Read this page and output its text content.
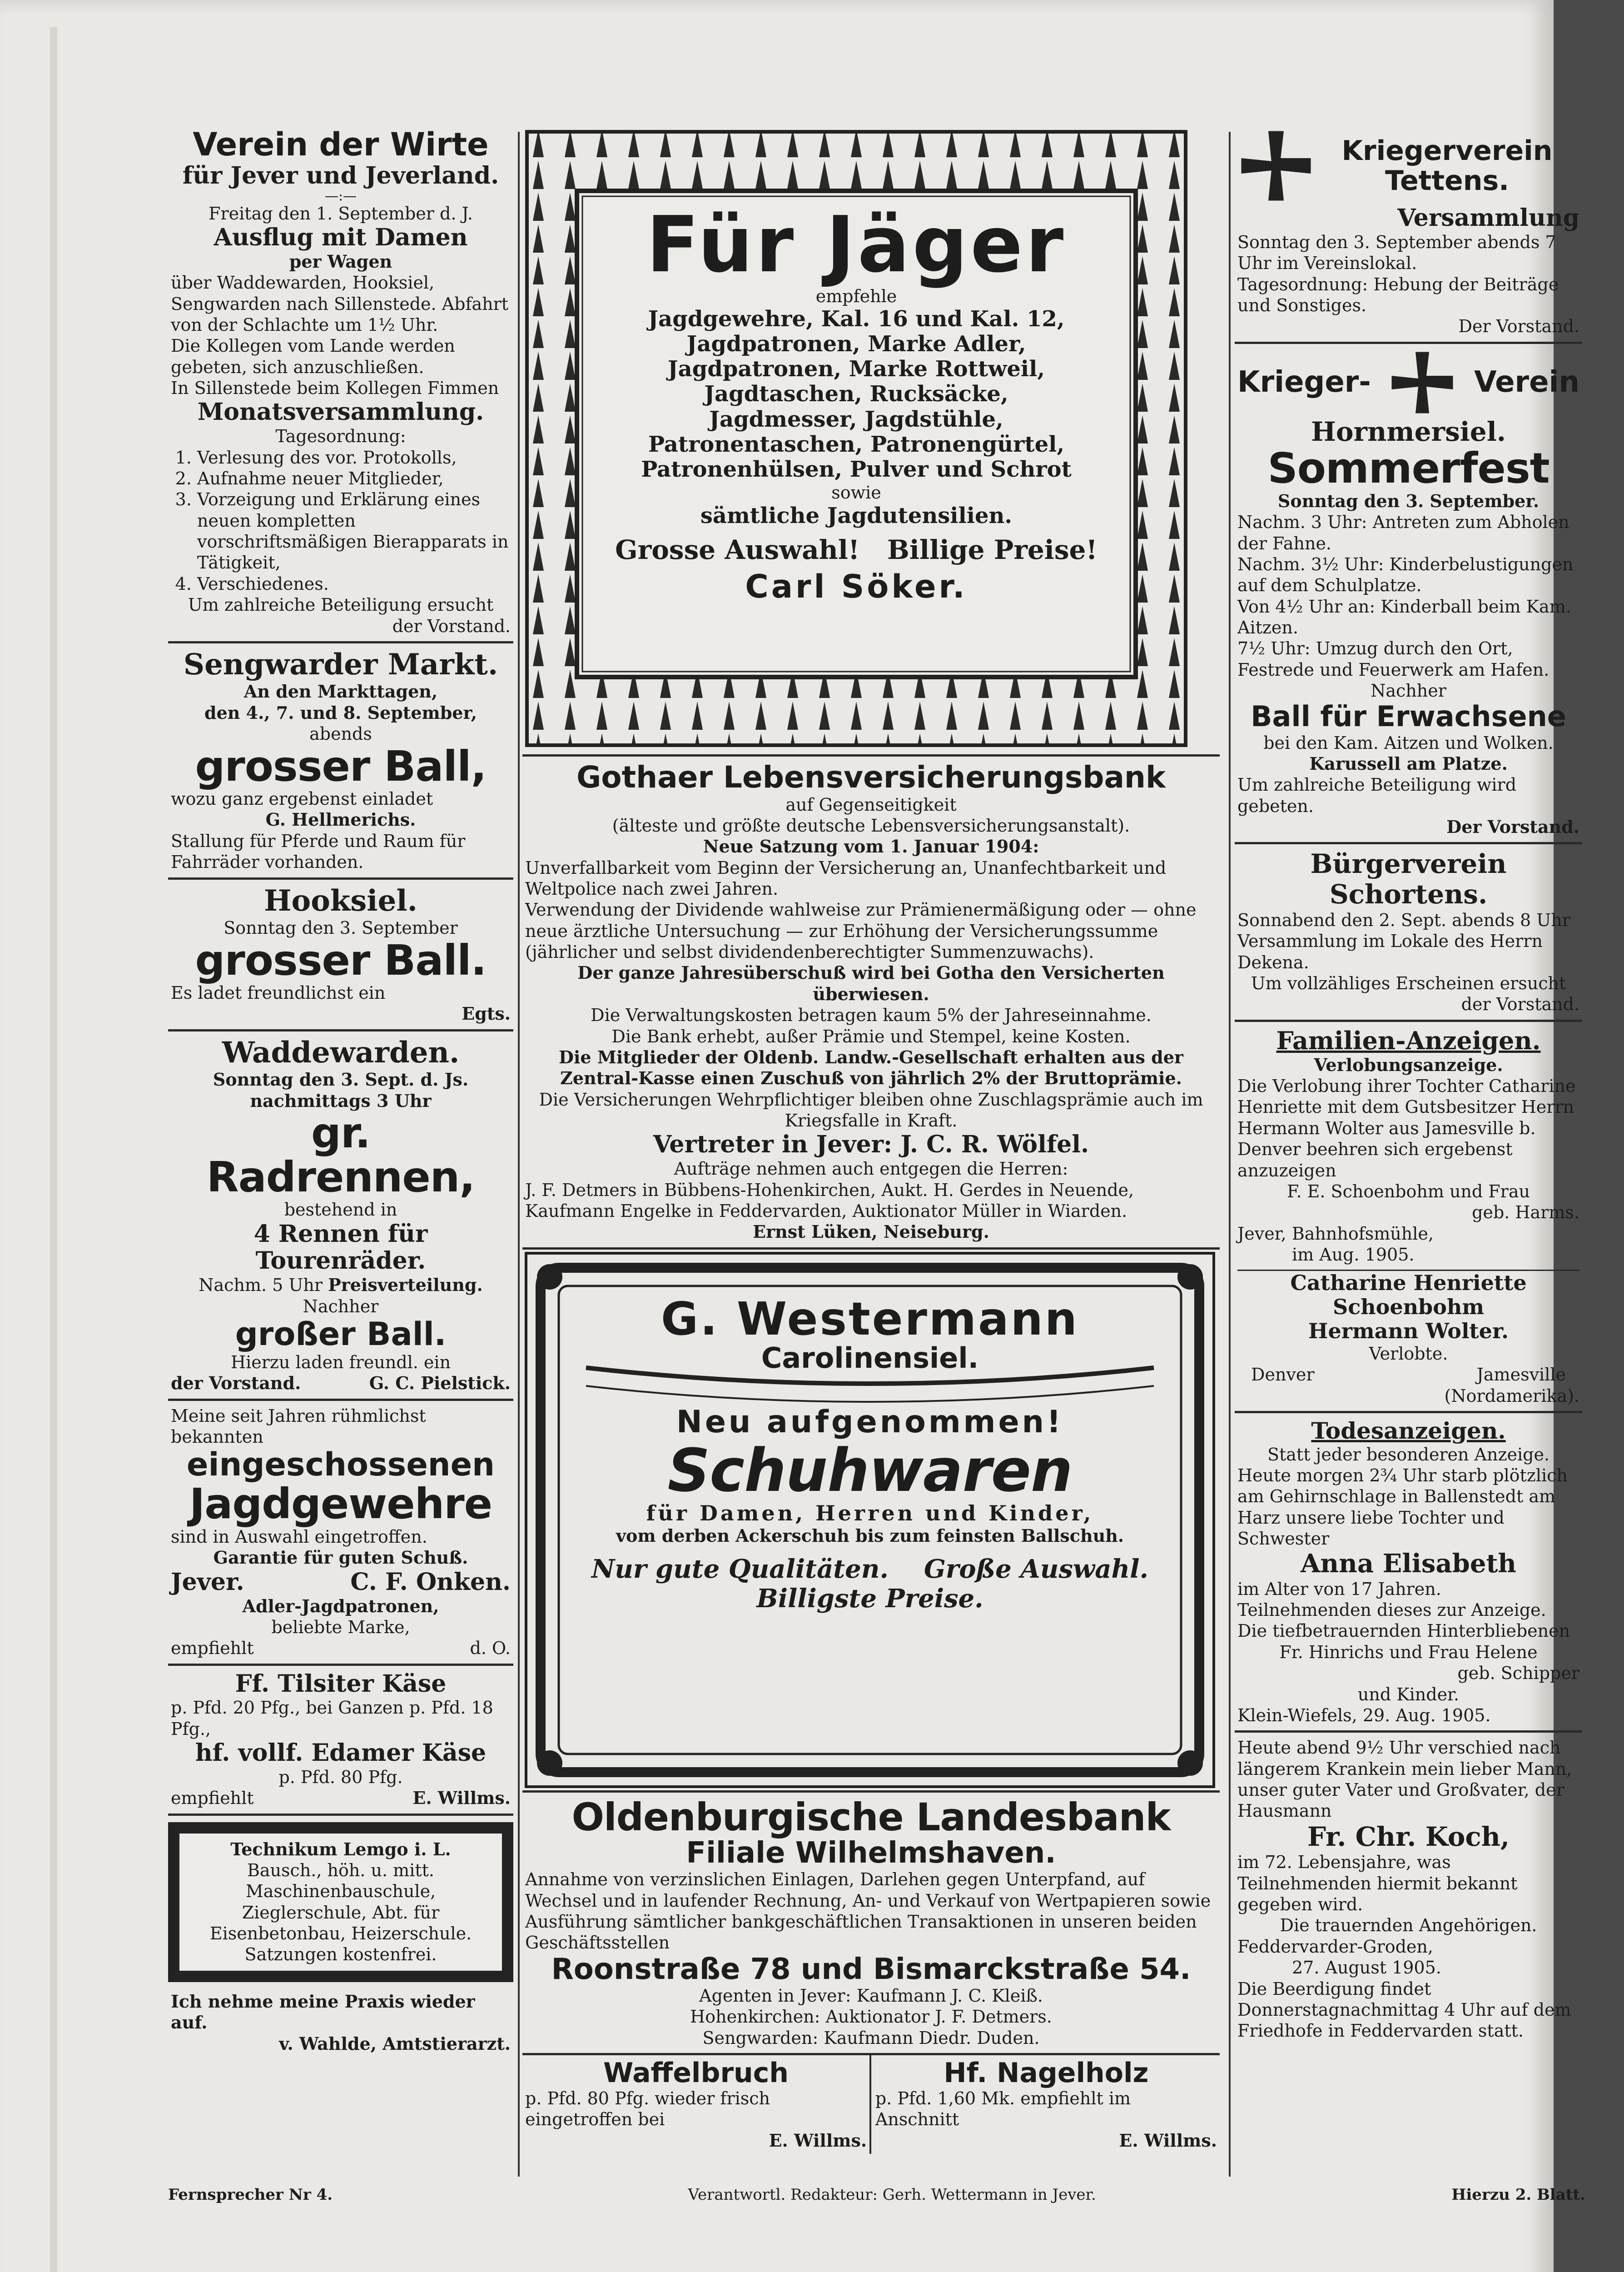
Verein der Wirte
für Jever und Jeverland.
—:—
Freitag den 1. September d. J.
Ausflug mit Damen
per Wagen
über Waddewarden, Hooksiel, Sengwarden nach Sillenstede. Abfahrt von der Schlachte um 1½ Uhr.
Die Kollegen vom Lande werden gebeten, sich anzuschließen.
In Sillenstede beim Kollegen Fimmen
Monatsversammlung.
Tagesordnung:
1. Verlesung des vor. Protokolls,
2. Aufnahme neuer Mitglieder,
3. Vorzeigung und Erklärung eines neuen kompletten vorschriftsmäßigen Bierapparats in Tätigkeit,
4. Verschiedenes.
Um zahlreiche Beteiligung ersucht
der Vorstand.
Sengwarder Markt.
An den Markttagen,
den 4., 7. und 8. September,
abends
grosser Ball,
wozu ganz ergebenst einladet
G. Hellmerichs.
Stallung für Pferde und Raum für Fahrräder vorhanden.
Hooksiel.
Sonntag den 3. September
grosser Ball.
Es ladet freundlichst ein
Egts.
Waddewarden.
Sonntag den 3. Sept. d. Js.
nachmittags 3 Uhr
gr. Radrennen,
bestehend in
4 Rennen für Tourenräder.
Nachm. 5 Uhr Preisverteilung.
Nachher
großer Ball.
Hierzu laden freundl. ein
der Vorstand.	G. C. Pielstick.
Meine seit Jahren rühmlichst bekannten
eingeschossenen
Jagdgewehre
sind in Auswahl eingetroffen.
Garantie für guten Schuß.
Jever.	C. F. Onken.
Adler-Jagdpatronen,
beliebte Marke,
empfiehlt	d. O.
Ff. Tilsiter Käse
p. Pfd. 20 Pfg., bei Ganzen p. Pfd. 18 Pfg.,
hf. vollf. Edamer Käse
p. Pfd. 80 Pfg.
empfiehlt	E. Willms.
Technikum Lemgo i. L.
Bausch., höh. u. mitt. Maschinenbauschule, Zieglerschule, Abt. für Eisenbetonbau, Heizerschule.
Satzungen kostenfrei.
Ich nehme meine Praxis wieder auf.
v. Wahlde, Amtstierarzt.
Für Jäger
empfehle
Jagdgewehre, Kal. 16 und Kal. 12,
Jagdpatronen, Marke Adler,
Jagdpatronen, Marke Rottweil,
Jagdtaschen, Rucksäcke,
Jagdmesser, Jagdstühle,
Patronentaschen, Patronengürtel,
Patronenhülsen, Pulver und Schrot
sowie
sämtliche Jagdutensilien.
Grosse Auswahl! Billige Preise!
Carl Söker.
Gothaer Lebensversicherungsbank
auf Gegenseitigkeit
(älteste und größte deutsche Lebensversicherungsanstalt).
Neue Satzung vom 1. Januar 1904:
Unverfallbarkeit vom Beginn der Versicherung an, Unanfechtbarkeit und Weltpolice nach zwei Jahren.
Verwendung der Dividende wahlweise zur Prämienermäßigung oder — ohne neue ärztliche Untersuchung — zur Erhöhung der Versicherungssumme (jährlicher und selbst dividendenberechtigter Summenzuwachs).
Der ganze Jahresüberschuß wird bei Gotha den Versicherten überwiesen.
Die Verwaltungskosten betragen kaum 5% der Jahreseinnahme.
Die Bank erhebt, außer Prämie und Stempel, keine Kosten.
Die Mitglieder der Oldenb. Landw.-Gesellschaft erhalten aus der Zentral-Kasse einen Zuschuß von jährlich 2% der Bruttoprämie.
Die Versicherungen Wehrpflichtiger bleiben ohne Zuschlagsprämie auch im Kriegsfalle in Kraft.
Vertreter in Jever: J. C. R. Wölfel.
Aufträge nehmen auch entgegen die Herren:
J. F. Detmers in Bübbens-Hohenkirchen, Aukt. H. Gerdes in Neuende, Kaufmann Engelke in Feddervarden, Auktionator Müller in Wiarden.
Ernst Lüken, Neiseburg.
G. Westermann
Carolinensiel.
Neu aufgenommen!
Schuhwaren
für Damen, Herren und Kinder,
vom derben Ackerschuh bis zum feinsten Ballschuh.
Nur gute Qualitäten. Große Auswahl.
Billigste Preise.
Oldenburgische Landesbank
Filiale Wilhelmshaven.
Annahme von verzinslichen Einlagen, Darlehen gegen Unterpfand, auf Wechsel und in laufender Rechnung, An- und Verkauf von Wertpapieren sowie Ausführung sämtlicher bankgeschäftlichen Transaktionen in unseren beiden Geschäftsstellen
Roonstraße 78 und Bismarckstraße 54.
Agenten in Jever: Kaufmann J. C. Kleiß.
Hohenkirchen: Auktionator J. F. Detmers.
Sengwarden: Kaufmann Diedr. Duden.
Waffelbruch
p. Pfd. 80 Pfg. wieder frisch eingetroffen bei
E. Willms.
Hf. Nagelholz
p. Pfd. 1,60 Mk. empfiehlt im Anschnitt
E. Willms.
Kriegerverein
Tettens.
Versammlung
Sonntag den 3. September abends 7 Uhr im Vereinslokal.
Tagesordnung: Hebung der Beiträge und Sonstiges.
Der Vorstand.
Krieger-	Verein
Hornmersiel.
Sommerfest
Sonntag den 3. September.
Nachm. 3 Uhr: Antreten zum Abholen der Fahne.
Nachm. 3½ Uhr: Kinderbelustigungen auf dem Schulplatze.
Von 4½ Uhr an: Kinderball beim Kam. Aitzen.
7½ Uhr: Umzug durch den Ort, Festrede und Feuerwerk am Hafen.
Nachher
Ball für Erwachsene
bei den Kam. Aitzen und Wolken.
Karussell am Platze.
Um zahlreiche Beteiligung wird gebeten.
Der Vorstand.
Bürgerverein Schortens.
Sonnabend den 2. Sept. abends 8 Uhr Versammlung im Lokale des Herrn Dekena.
Um vollzähliges Erscheinen ersucht
der Vorstand.
Familien-Anzeigen.
Verlobungsanzeige.
Die Verlobung ihrer Tochter Catharine Henriette mit dem Gutsbesitzer Herrn Hermann Wolter aus Jamesville b. Denver beehren sich ergebenst anzuzeigen
F. E. Schoenbohm und Frau
geb. Harms.
Jever, Bahnhofsmühle,
im Aug. 1905.
Catharine Henriette Schoenbohm
Hermann Wolter.
Verlobte.
Denver	Jamesville
(Nordamerika).
Todesanzeigen.
Statt jeder besonderen Anzeige.
Heute morgen 2³⁄₄ Uhr starb plötzlich am Gehirnschlage in Ballenstedt am Harz unsere liebe Tochter und Schwester
Anna Elisabeth
im Alter von 17 Jahren.
Teilnehmenden dieses zur Anzeige.
Die tiefbetrauernden Hinterbliebenen
Fr. Hinrichs und Frau Helene
geb. Schipper
und Kinder.
Klein-Wiefels, 29. Aug. 1905.
Heute abend 9½ Uhr verschied nach längerem Krankein mein lieber Mann, unser guter Vater und Großvater, der Hausmann
Fr. Chr. Koch,
im 72. Lebensjahre, was Teilnehmenden hiermit bekannt gegeben wird.
Die trauernden Angehörigen.
Feddervarder-Groden,
27. August 1905.
Die Beerdigung findet Donnerstagnachmittag 4 Uhr auf dem Friedhofe in Feddervarden statt.
Fernsprecher Nr 4.	Verantwortl. Redakteur: Gerh. Wettermann in Jever.	Hierzu 2. Blatt.
